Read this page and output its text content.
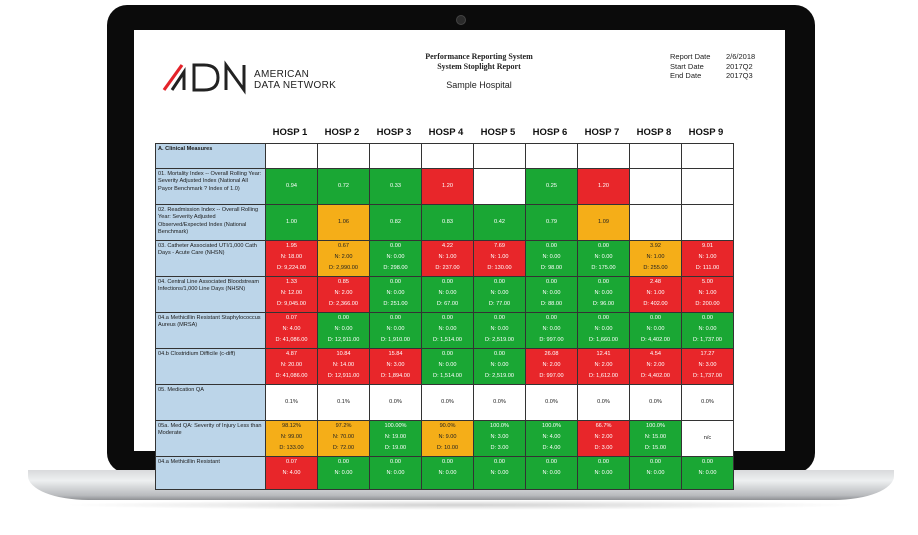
AMERICAN
DATA NETWORK
Performance Reporting System
System Stoplight Report
Sample Hospital
Report Date	2/6/2018
Start Date	2017Q2
End Date	2017Q3
HOSP 1	HOSP 2	HOSP 3	HOSP 4	HOSP 5	HOSP 6	HOSP 7	HOSP 8	HOSP 9
A. Clinical Measures									
01. Mortality Index -- Overall Rolling Year: Severity Adjusted Index (National All Payor Benchmark ? Index of 1.0)	0.94	0.72	0.33	1.20		0.25	1.20		

02. Readmission Index -- Overall Rolling Year: Severity Adjusted Observed/Expected Index (National Benchmark)	1.00	1.06	0.82	0.83	0.42	0.79	1.09		

03. Catheter Associated UTI/1,000 Cath Days - Acute Care (NHSN)	1.95
N: 18.00
D: 9,224.00	0.67
N: 2.00
D: 2,990.00	0.00
N: 0.00
D: 298.00	4.22
N: 1.00
D: 237.00	7.69
N: 1.00
D: 130.00	0.00
N: 0.00
D: 98.00	0.00
N: 0.00
D: 175.00	3.92
N: 1.00
D: 255.00	9.01
N: 1.00
D: 111.00

04. Central Line Associated Bloodstream Infections/1,000 Line Days (NHSN)	1.33
N: 12.00
D: 9,045.00	0.85
N: 2.00
D: 2,366.00	0.00
N: 0.00
D: 251.00	0.00
N: 0.00
D: 67.00	0.00
N: 0.00
D: 77.00	0.00
N: 0.00
D: 88.00	0.00
N: 0.00
D: 96.00	2.48
N: 1.00
D: 402.00	5.00
N: 1.00
D: 200.00

04.a Methicillin Resistant Staphylococcus Aureus (MRSA)	0.07
N: 4.00
D: 41,086.00	0.00
N: 0.00
D: 12,911.00	0.00
N: 0.00
D: 1,910.00	0.00
N: 0.00
D: 1,514.00	0.00
N: 0.00
D: 2,519.00	0.00
N: 0.00
D: 997.00	0.00
N: 0.00
D: 1,660.00	0.00
N: 0.00
D: 4,402.00	0.00
N: 0.00
D: 1,737.00

04.b Clostridium Difficile (c-diff)	4.87
N: 20.00
D: 41,086.00	10.84
N: 14.00
D: 12,911.00	15.84
N: 3.00
D: 1,894.00	0.00
N: 0.00
D: 1,514.00	0.00
N: 0.00
D: 2,519.00	26.08
N: 2.00
D: 997.00	12.41
N: 2.00
D: 1,612.00	4.54
N: 2.00
D: 4,402.00	17.27
N: 3.00
D: 1,737.00

05. Medication QA	0.1%	0.1%	0.0%	0.0%	0.0%	0.0%	0.0%	0.0%	0.0%

05a. Med QA: Severity of Injury Less than Moderate	98.12%
N: 99.00
D: 133.00	97.2%
N: 70.00
D: 72.00	100.00%
N: 19.00
D: 19.00	90.0%
N: 9.00
D: 10.00	100.0%
N: 3.00
D: 3.00	100.0%
N: 4.00
D: 4.00	66.7%
N: 2.00
D: 3.00	100.0%
N: 15.00
D: 15.00	n/c

04.a Methicillin Resistant	0.07
N: 4.00	0.00
N: 0.00	0.00
N: 0.00	0.00
N: 0.00	0.00
N: 0.00	0.00
N: 0.00	0.00
N: 0.00	0.00
N: 0.00	0.00
N: 0.00
